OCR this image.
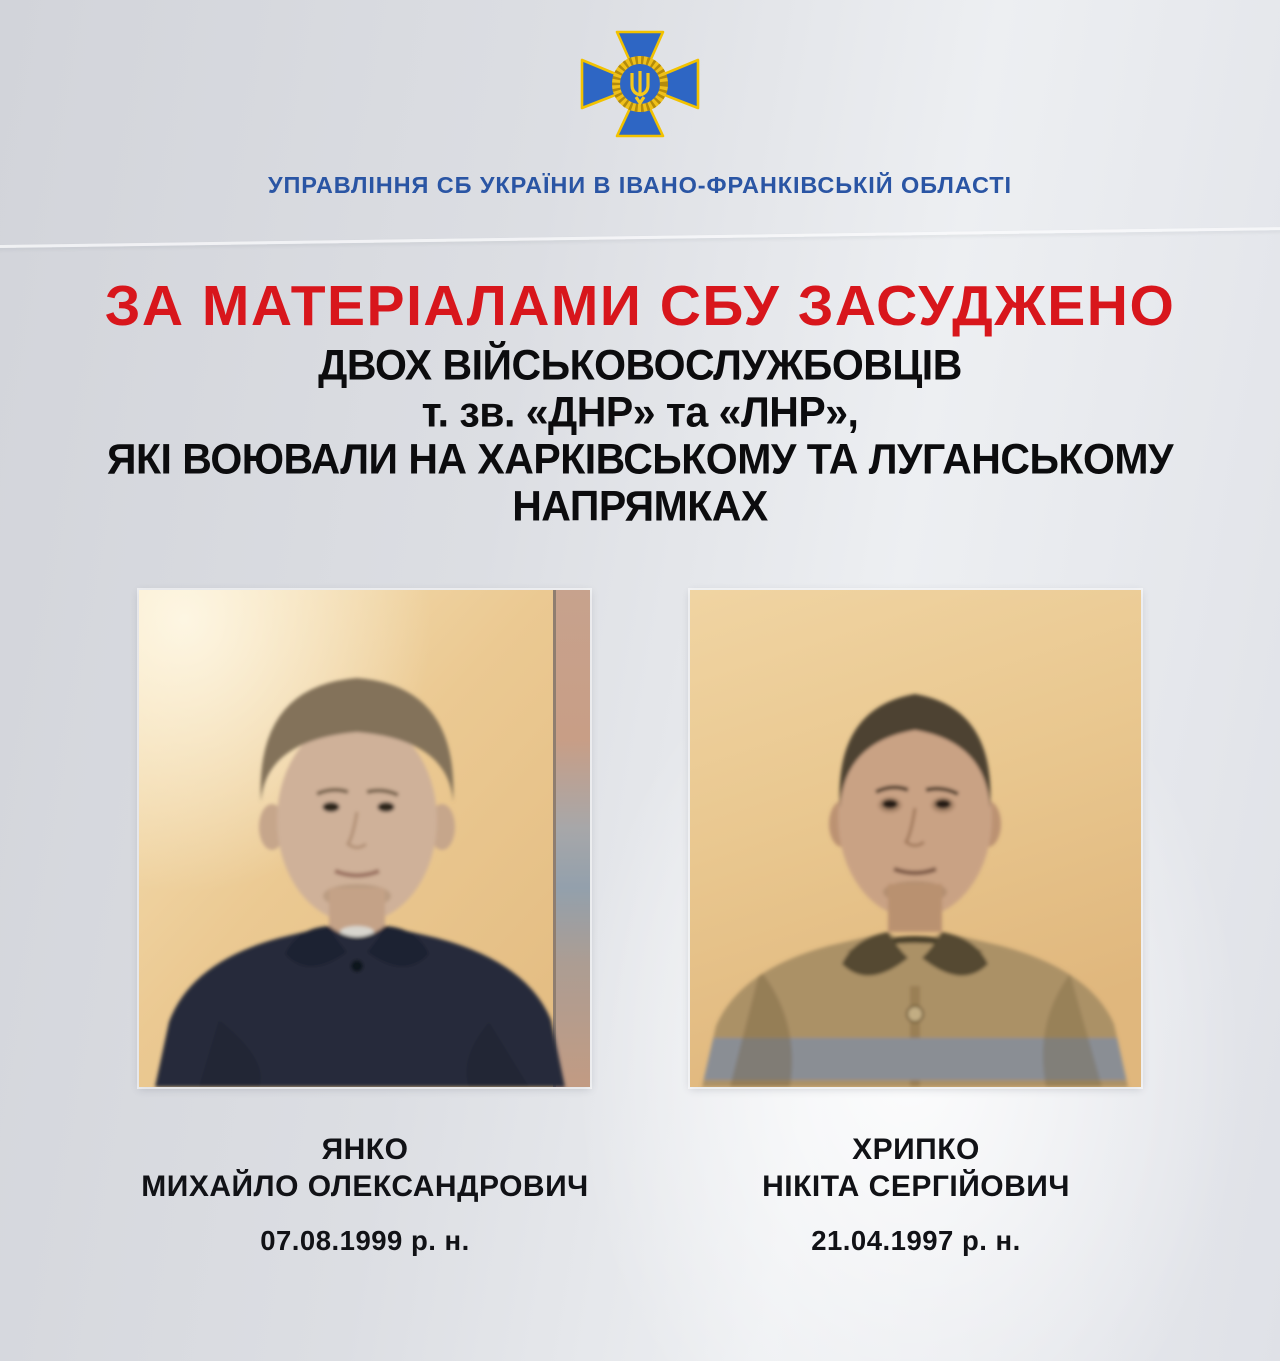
УПРАВЛІННЯ СБ УКРАЇНИ В ІВАНО-ФРАНКІВСЬКІЙ ОБЛАСТІ
ЗА МАТЕРІАЛАМИ СБУ ЗАСУДЖЕНО
ДВОХ ВІЙСЬКОВОСЛУЖБОВЦІВ
т. зв. «ДНР» та «ЛНР»,
ЯКІ ВОЮВАЛИ НА ХАРКІВСЬКОМУ ТА ЛУГАНСЬКОМУ
НАПРЯМКАХ
ЯНКО
МИХАЙЛО ОЛЕКСАНДРОВИЧ
07.08.1999 р. н.
ХРИПКО
НІКІТА СЕРГІЙОВИЧ
21.04.1997 р. н.
